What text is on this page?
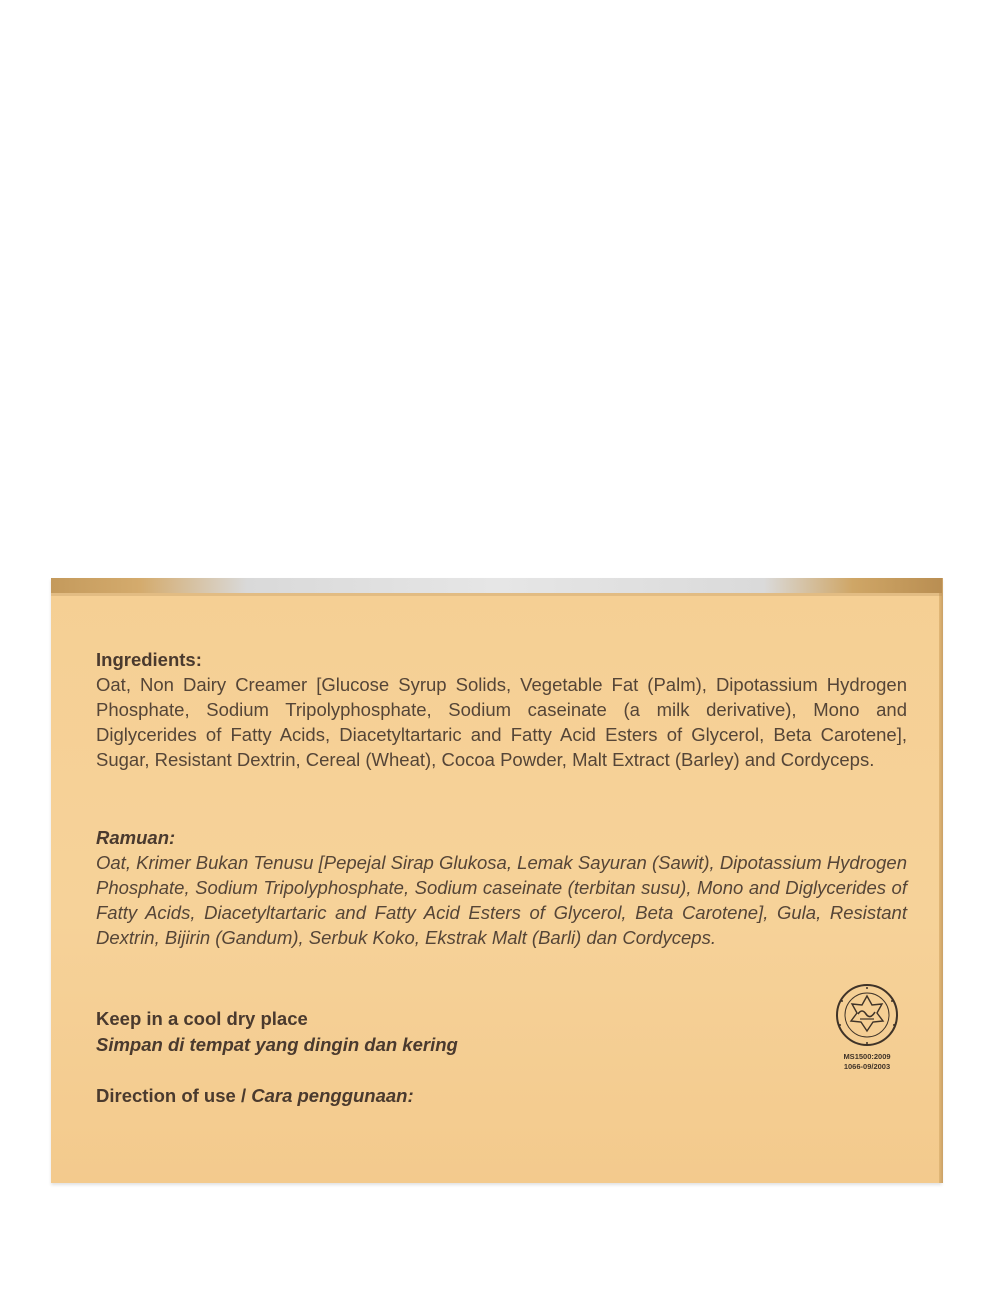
Ingredients:
Oat, Non Dairy Creamer [Glucose Syrup Solids, Vegetable Fat (Palm), Dipotassium Hydrogen Phosphate, Sodium Tripolyphosphate, Sodium caseinate (a milk derivative), Mono and Diglycerides of Fatty Acids, Diacetyltartaric and Fatty Acid Esters of Glycerol, Beta Carotene], Sugar, Resistant Dextrin, Cereal (Wheat), Cocoa Powder, Malt Extract (Barley) and Cordyceps.
Ramuan:
Oat, Krimer Bukan Tenusu [Pepejal Sirap Glukosa, Lemak Sayuran (Sawit), Dipotassium Hydrogen Phosphate, Sodium Tripolyphosphate, Sodium caseinate (terbitan susu), Mono and Diglycerides of Fatty Acids, Diacetyltartaric and Fatty Acid Esters of Glycerol, Beta Carotene], Gula, Resistant Dextrin, Bijirin (Gandum), Serbuk Koko, Ekstrak Malt (Barli) dan Cordyceps.
Keep in a cool dry place
Simpan di tempat yang dingin dan kering
Direction of use / Cara penggunaan:
MS1500:2009
1066-09/2003
